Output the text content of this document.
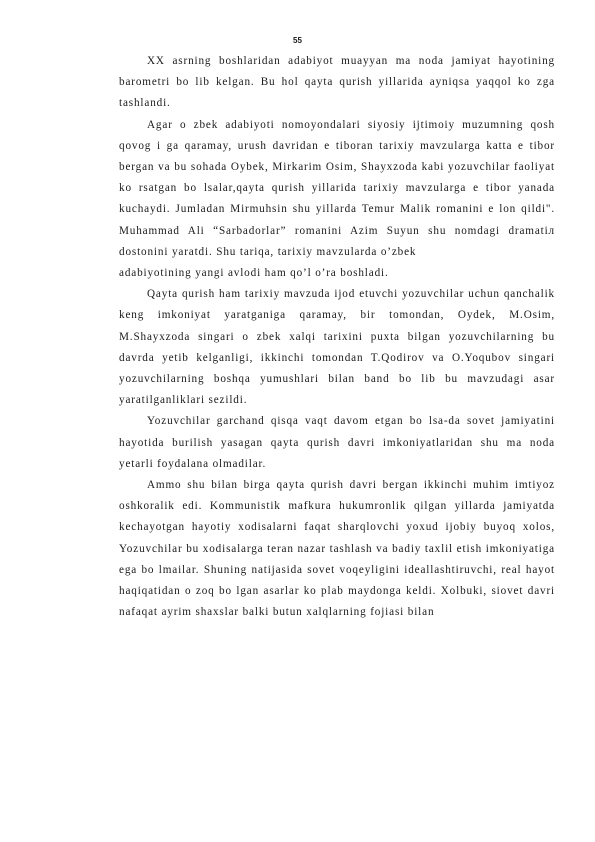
55

XX asrning boshlaridan adabiyot muayyan ma noda jamiyat hayotining barometri bo lib kelgan. Bu hol qayta qurish yillarida ayniqsa yaqqol ko zga tashlandi.

Agar o zbek adabiyoti nomoyondalari siyosiy ijtimoiy muzumning qosh qovog i ga qaramay, urush davridan e tiboran tarixiy mavzularga katta e tibor bergan va bu sohada Oybek, Mirkarim Osim, Shayxzoda kabi yozuvchilar faoliyat ko rsatgan bo lsalar,qayta qurish yillarida tarixiy mavzularga e tibor yanada kuchaydi. Jumladan Mirmuhsin shu yillarda Temur Malik romanini e lon qildi". Muhammad Ali “Sarbadorlar” romanini Azim Suyun shu nomdagi dramatiл dostonini yaratdi. Shu tariqa, tarixiy mavzularda o’zbek

adabiyotining yangi avlodi ham qo’l o’ra boshladi.

Qayta qurish ham tarixiy mavzuda ijod etuvchi yozuvchilar uchun qanchalik keng imkoniyat yaratganiga qaramay, bir tomondan, Oydek, M.Osim, M.Shayxzoda singari o zbek xalqi tarixini puxta bilgan yozuvchilarning bu davrda yetib kelganligi, ikkinchi tomondan T.Qodirov va O.Yoqubov singari yozuvchilarning boshqa yumushlari bilan band bo lib bu mavzudagi asar yaratilganliklari sezildi.

Yozuvchilar garchand qisqa vaqt davom etgan bo lsa-da sovet jamiyatini hayotida burilish yasagan qayta qurish davri imkoniyatlaridan shu ma noda yetarli foydalana olmadilar.

Ammo shu bilan birga qayta qurish davri bergan ikkinchi muhim imtiyoz oshkoralik edi. Kommunistik mafkura hukumronlik qilgan yillarda jamiyatda kechayotgan hayotiy xodisalarni faqat sharqlovchi yoxud ijobiy buyoq xolos, Yozuvchilar bu xodisalarga teran nazar tashlash va badiy taxlil etish imkoniyatiga ega bo lmailar. Shuning natijasida sovet voqeyligini ideallashtiruvchi, real hayot haqiqatidan o zoq bo lgan asarlar ko plab maydonga keldi. Xolbuki, siovet davri nafaqat ayrim shaxslar balki butun xalqlarning fojiasi bilan
